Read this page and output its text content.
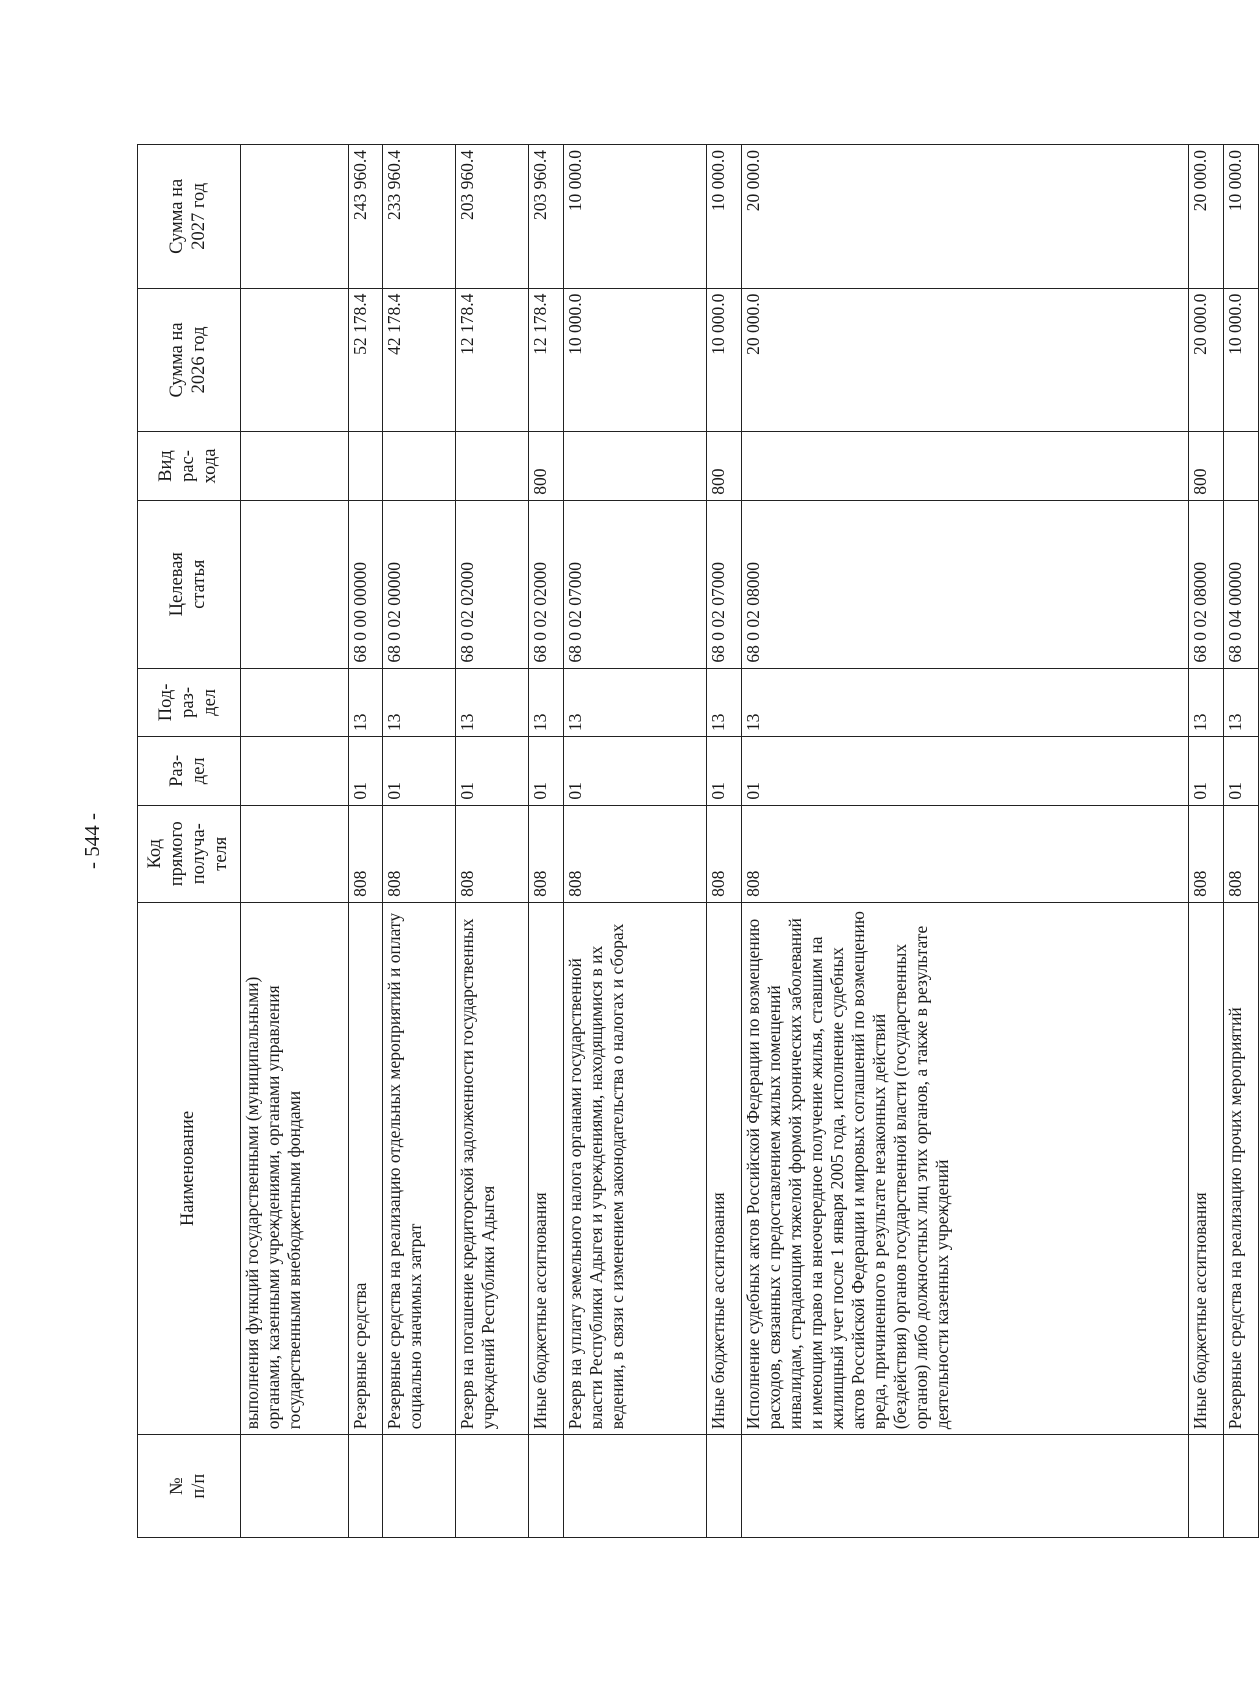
- 544 -
№
п/п	Наименование	Код
прямого
получа-
теля	Раз-
дел	Под-
раз-
дел	Целевая
статья	Вид
рас-
хода	Сумма на
2026 год	Сумма на
2027 год
	выполнения функций государственными (муниципальными) органами, казенными учреждениями, органами управления государственными внебюджетными фондами							
	Резервные средства	808	01	13	68 0 00 00000		52 178.4	243 960.4
	Резервные средства на реализацию отдельных мероприятий и оплату социально значимых затрат	808	01	13	68 0 02 00000		42 178.4	233 960.4
	Резерв на погашение кредиторской задолженности государственных учреждений Республики Адыгея	808	01	13	68 0 02 02000		12 178.4	203 960.4
	Иные бюджетные ассигнования	808	01	13	68 0 02 02000	800	12 178.4	203 960.4
	Резерв на уплату земельного налога органами государственной власти Республики Адыгея и учреждениями, находящимися в их ведении, в связи с изменением законодательства о налогах и сборах	808	01	13	68 0 02 07000		10 000.0	10 000.0
	Иные бюджетные ассигнования	808	01	13	68 0 02 07000	800	10 000.0	10 000.0
	Исполнение судебных актов Российской Федерации по возмещению расходов, связанных с предоставлением жилых помещений инвалидам, страдающим тяжелой формой хронических заболеваний и имеющим право на внеочередное получение жилья, ставшим на жилищный учет после 1 января 2005 года, исполнение судебных актов Российской Федерации и мировых соглашений по возмещению вреда, причиненного в результате незаконных действий (бездействия) органов государственной власти (государственных органов) либо должностных лиц этих органов, а также в результате деятельности казенных учреждений	808	01	13	68 0 02 08000		20 000.0	20 000.0
	Иные бюджетные ассигнования	808	01	13	68 0 02 08000	800	20 000.0	20 000.0
	Резервные средства на реализацию прочих мероприятий	808	01	13	68 0 04 00000		10 000.0	10 000.0
